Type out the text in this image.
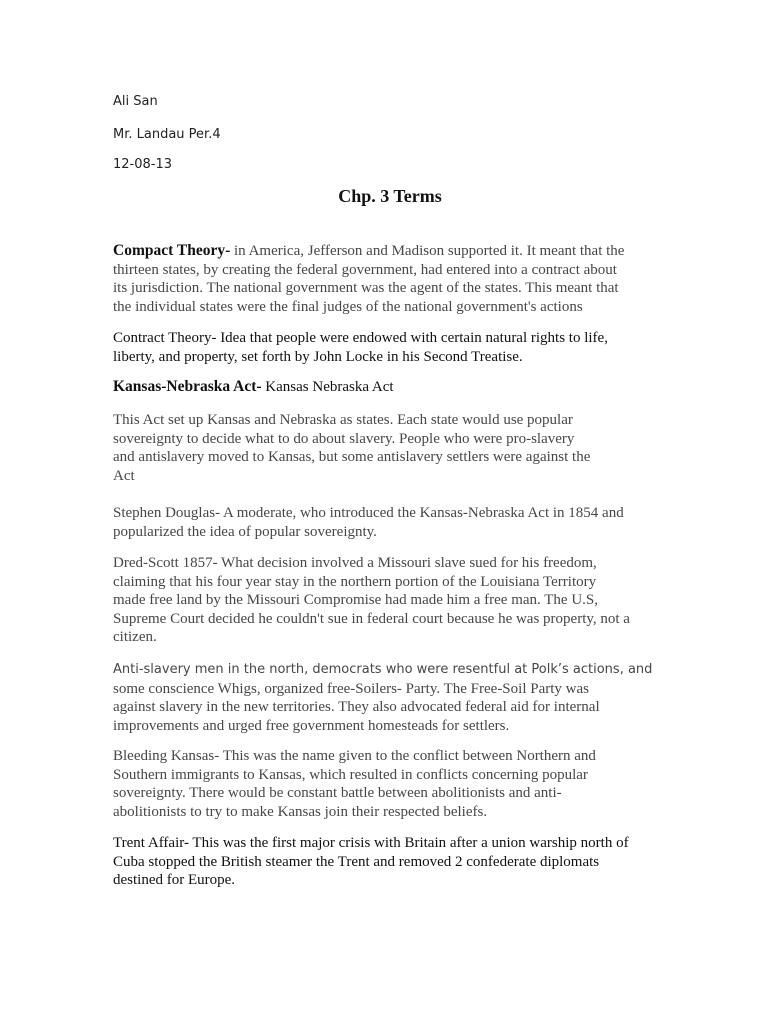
Ali San
Mr. Landau Per.4
12-08-13
Chp. 3 Terms
Compact Theory- in America, Jefferson and Madison supported it. It meant that the
thirteen states, by creating the federal government, had entered into a contract about
its jurisdiction. The national government was the agent of the states. This meant that
the individual states were the final judges of the national government's actions
Contract Theory- Idea that people were endowed with certain natural rights to life,
liberty, and property, set forth by John Locke in his Second Treatise.
Kansas-Nebraska Act- Kansas Nebraska Act
This Act set up Kansas and Nebraska as states. Each state would use popular
sovereignty to decide what to do about slavery. People who were pro-slavery
and antislavery moved to Kansas, but some antislavery settlers were against the
Act
Stephen Douglas- A moderate, who introduced the Kansas-Nebraska Act in 1854 and
popularized the idea of popular sovereignty.
Dred-Scott 1857- What decision involved a Missouri slave sued for his freedom,
claiming that his four year stay in the northern portion of the Louisiana Territory
made free land by the Missouri Compromise had made him a free man. The U.S,
Supreme Court decided he couldn't sue in federal court because he was property, not a
citizen.
Anti-slavery men in the north, democrats who were resentful at Polk’s actions, and
some conscience Whigs, organized free-Soilers- Party. The Free-Soil Party was
against slavery in the new territories. They also advocated federal aid for internal
improvements and urged free government homesteads for settlers.
Bleeding Kansas- This was the name given to the conflict between Northern and
Southern immigrants to Kansas, which resulted in conflicts concerning popular
sovereignty. There would be constant battle between abolitionists and anti-
abolitionists to try to make Kansas join their respected beliefs.
Trent Affair- This was the first major crisis with Britain after a union warship north of
Cuba stopped the British steamer the Trent and removed 2 confederate diplomats
destined for Europe.
